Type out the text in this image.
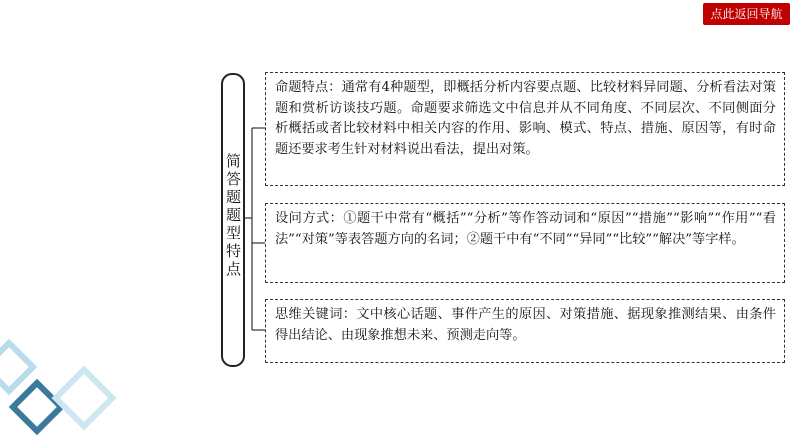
点此返回导航
简答题题型特点
命题特点：通常有4种题型，即概括分析内容要点题、比较材料异同题、分析看法对策题和赏析访谈技巧题。命题要求筛选文中信息并从不同角度、不同层次、不同侧面分析概括或者比较材料中相关内容的作用、影响、模式、特点、措施、原因等，有时命题还要求考生针对材料说出看法，提出对策。
设问方式：①题干中常有“概括”“分析”等作答动词和“原因”“措施”“影响”“作用”“看法”“对策”等表答题方向的名词；②题干中有“不同”“异同”“比较”“解决”等字样。
思维关键词：文中核心话题、事件产生的原因、对策措施、据现象推测结果、由条件得出结论、由现象推想未来、预测走向等。
